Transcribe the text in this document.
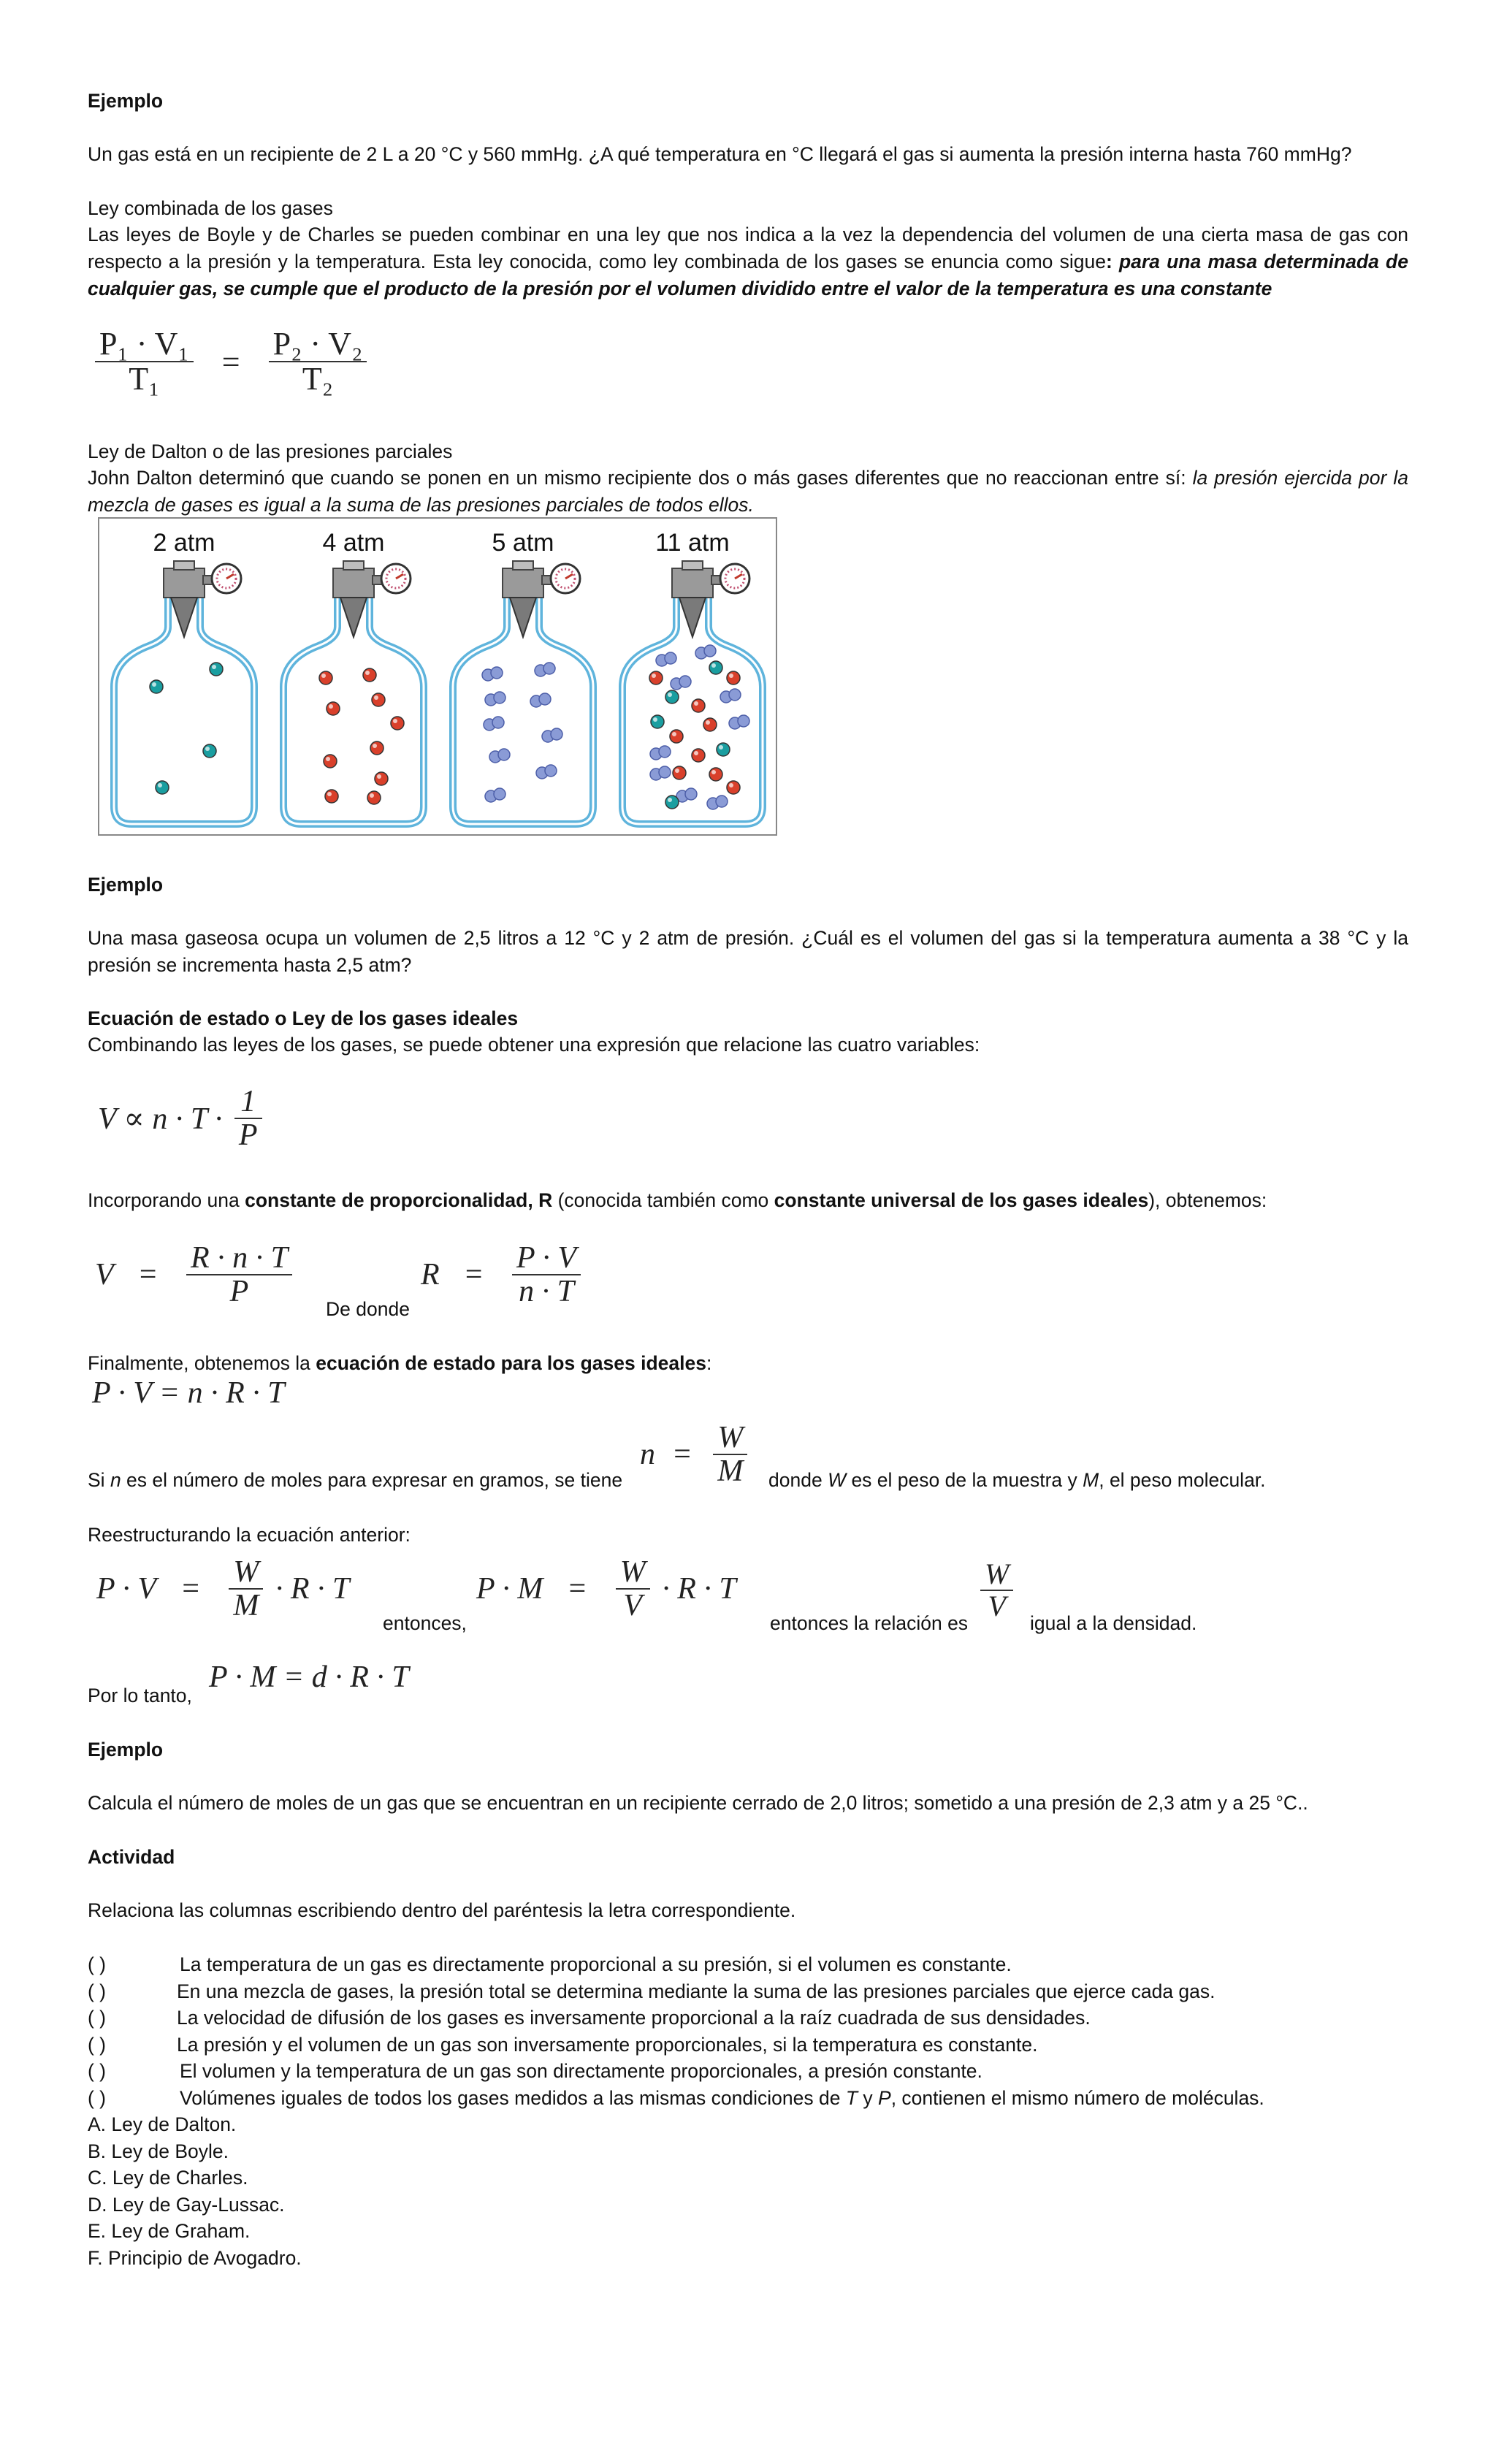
Ejemplo
Un gas está en un recipiente de 2 L a 20 °C y 560 mmHg. ¿A qué temperatura en °C llegará el gas si aumenta la presión interna hasta 760 mmHg?
Ley combinada de los gases
Las leyes de Boyle y de Charles se pueden combinar en una ley que nos indica a la vez la dependencia del volumen de una cierta masa de gas con respecto a la presión y la temperatura. Esta ley conocida, como ley combinada de los gases se enuncia como sigue: para una masa determinada de cualquier gas, se cumple que el producto de la presión por el volumen dividido entre el valor de la temperatura es una constante
$\frac{\text{P₁ · V₁}}{\text{T₁}} = \frac{\text{P₂ · V₂}}{\text{T₂}}$
Ley de Dalton o de las presiones parciales
John Dalton determinó que cuando se ponen en un mismo recipiente dos o más gases diferentes que no reaccionan entre sí: la presión ejercida por la mezcla de gases es igual a la suma de las presiones parciales de todos ellos.
2 atm	4 atm	5 atm	11 atm
Ejemplo
Una masa gaseosa ocupa un volumen de 2,5 litros a 12 °C y 2 atm de presión. ¿Cuál es el volumen del gas si la temperatura aumenta a 38 °C y la presión se incrementa hasta 2,5 atm?
Ecuación de estado o Ley de los gases ideales
Combinando las leyes de los gases, se puede obtener una expresión que relacione las cuatro variables:
$V \propto n \cdot T \cdot \frac{1}{P}$
Incorporando una constante de proporcionalidad, R (conocida también como constante universal de los gases ideales), obtenemos:
$V = \frac{R \cdot n \cdot T}{P}$
De donde
$R = \frac{P \cdot V}{n \cdot T}$
Finalmente, obtenemos la ecuación de estado para los gases ideales:
P · V = n · R · T
Si n es el número de moles para expresar en gramos, se tiene
$n = \frac{W}{M}$ donde W es el peso de la muestra y M, el peso molecular.
Reestructurando la ecuación anterior:
$P \cdot V = \frac{W}{M} \cdot R \cdot T$
entonces,
$P \cdot M = \frac{W}{V} \cdot R \cdot T$
entonces la relación es
$\frac{W}{V}$
igual a la densidad.
Por lo tanto,
P · M = d · R · T
Ejemplo
Calcula el número de moles de un gas que se encuentran en un recipiente cerrado de 2,0 litros; sometido a una presión de 2,3 atm y a 25 °C..
Actividad
Relaciona las columnas escribiendo dentro del paréntesis la letra correspondiente.
( )	La temperatura de un gas es directamente proporcional a su presión, si el volumen es constante.
( )	En una mezcla de gases, la presión total se determina mediante la suma de las presiones parciales que ejerce cada gas.
( )	La velocidad de difusión de los gases es inversamente proporcional a la raíz cuadrada de sus densidades.
( )	La presión y el volumen de un gas son inversamente proporcionales, si la temperatura es constante.
( )	El volumen y la temperatura de un gas son directamente proporcionales, a presión constante.
( )	Volúmenes iguales de todos los gases medidos a las mismas condiciones de T y P, contienen el mismo número de moléculas.
A. Ley de Dalton.
B. Ley de Boyle.
C. Ley de Charles.
D. Ley de Gay-Lussac.
E. Ley de Graham.
F. Principio de Avogadro.
